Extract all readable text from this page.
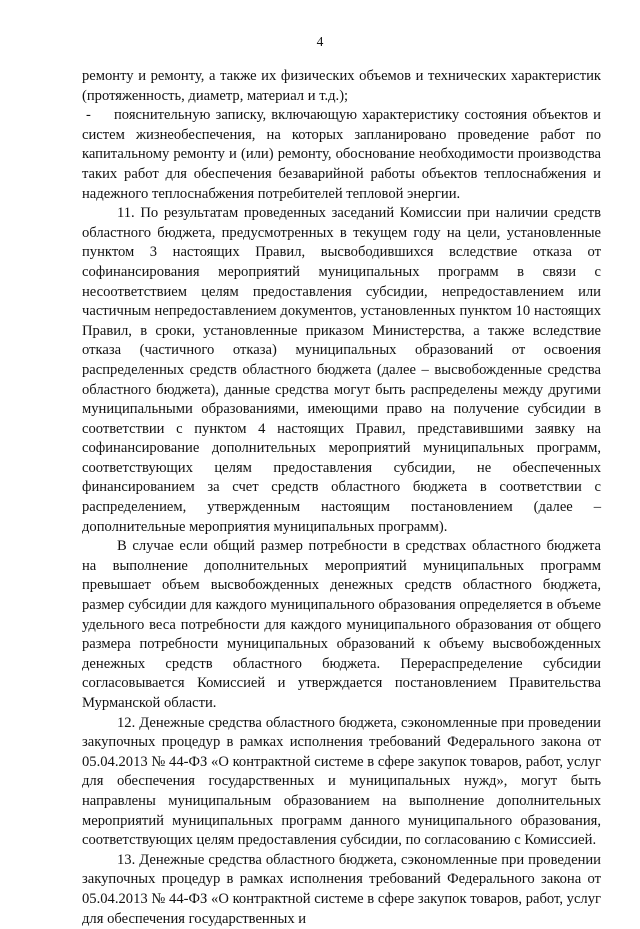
4

ремонту и ремонту, а также их физических объемов и технических характеристик (протяженность, диаметр, материал и т.д.);

- пояснительную записку, включающую характеристику состояния объектов и систем жизнеобеспечения, на которых запланировано проведение работ по капитальному ремонту и (или) ремонту, обоснование необходимости производства таких работ для обеспечения безаварийной работы объектов теплоснабжения и надежного теплоснабжения потребителей тепловой энергии.

11. По результатам проведенных заседаний Комиссии при наличии средств областного бюджета, предусмотренных в текущем году на цели, установленные пунктом 3 настоящих Правил, высвободившихся вследствие отказа от софинансирования мероприятий муниципальных программ в связи с несоответствием целям предоставления субсидии, непредоставлением или частичным непредоставлением документов, установленных пунктом 10 настоящих Правил, в сроки, установленные приказом Министерства, а также вследствие отказа (частичного отказа) муниципальных образований от освоения распределенных средств областного бюджета (далее – высвобожденные средства областного бюджета), данные средства могут быть распределены между другими муниципальными образованиями, имеющими право на получение субсидии в соответствии с пунктом 4 настоящих Правил, представившими заявку на софинансирование дополнительных мероприятий муниципальных программ, соответствующих целям предоставления субсидии, не обеспеченных финансированием за счет средств областного бюджета в соответствии с распределением, утвержденным настоящим постановлением (далее – дополнительные мероприятия муниципальных программ).

В случае если общий размер потребности в средствах областного бюджета на выполнение дополнительных мероприятий муниципальных программ превышает объем высвобожденных денежных средств областного бюджета, размер субсидии для каждого муниципального образования определяется в объеме удельного веса потребности для каждого муниципального образования от общего размера потребности муниципальных образований к объему высвобожденных денежных средств областного бюджета. Перераспределение субсидии согласовывается Комиссией и утверждается постановлением Правительства Мурманской области.

12. Денежные средства областного бюджета, сэкономленные при проведении закупочных процедур в рамках исполнения требований Федерального закона от 05.04.2013 № 44-ФЗ «О контрактной системе в сфере закупок товаров, работ, услуг для обеспечения государственных и муниципальных нужд», могут быть направлены муниципальным образованием на выполнение дополнительных мероприятий муниципальных программ данного муниципального образования, соответствующих целям предоставления субсидии, по согласованию с Комиссией.

13. Денежные средства областного бюджета, сэкономленные при проведении закупочных процедур в рамках исполнения требований Федерального закона от 05.04.2013 № 44-ФЗ «О контрактной системе в сфере закупок товаров, работ, услуг для обеспечения государственных и
